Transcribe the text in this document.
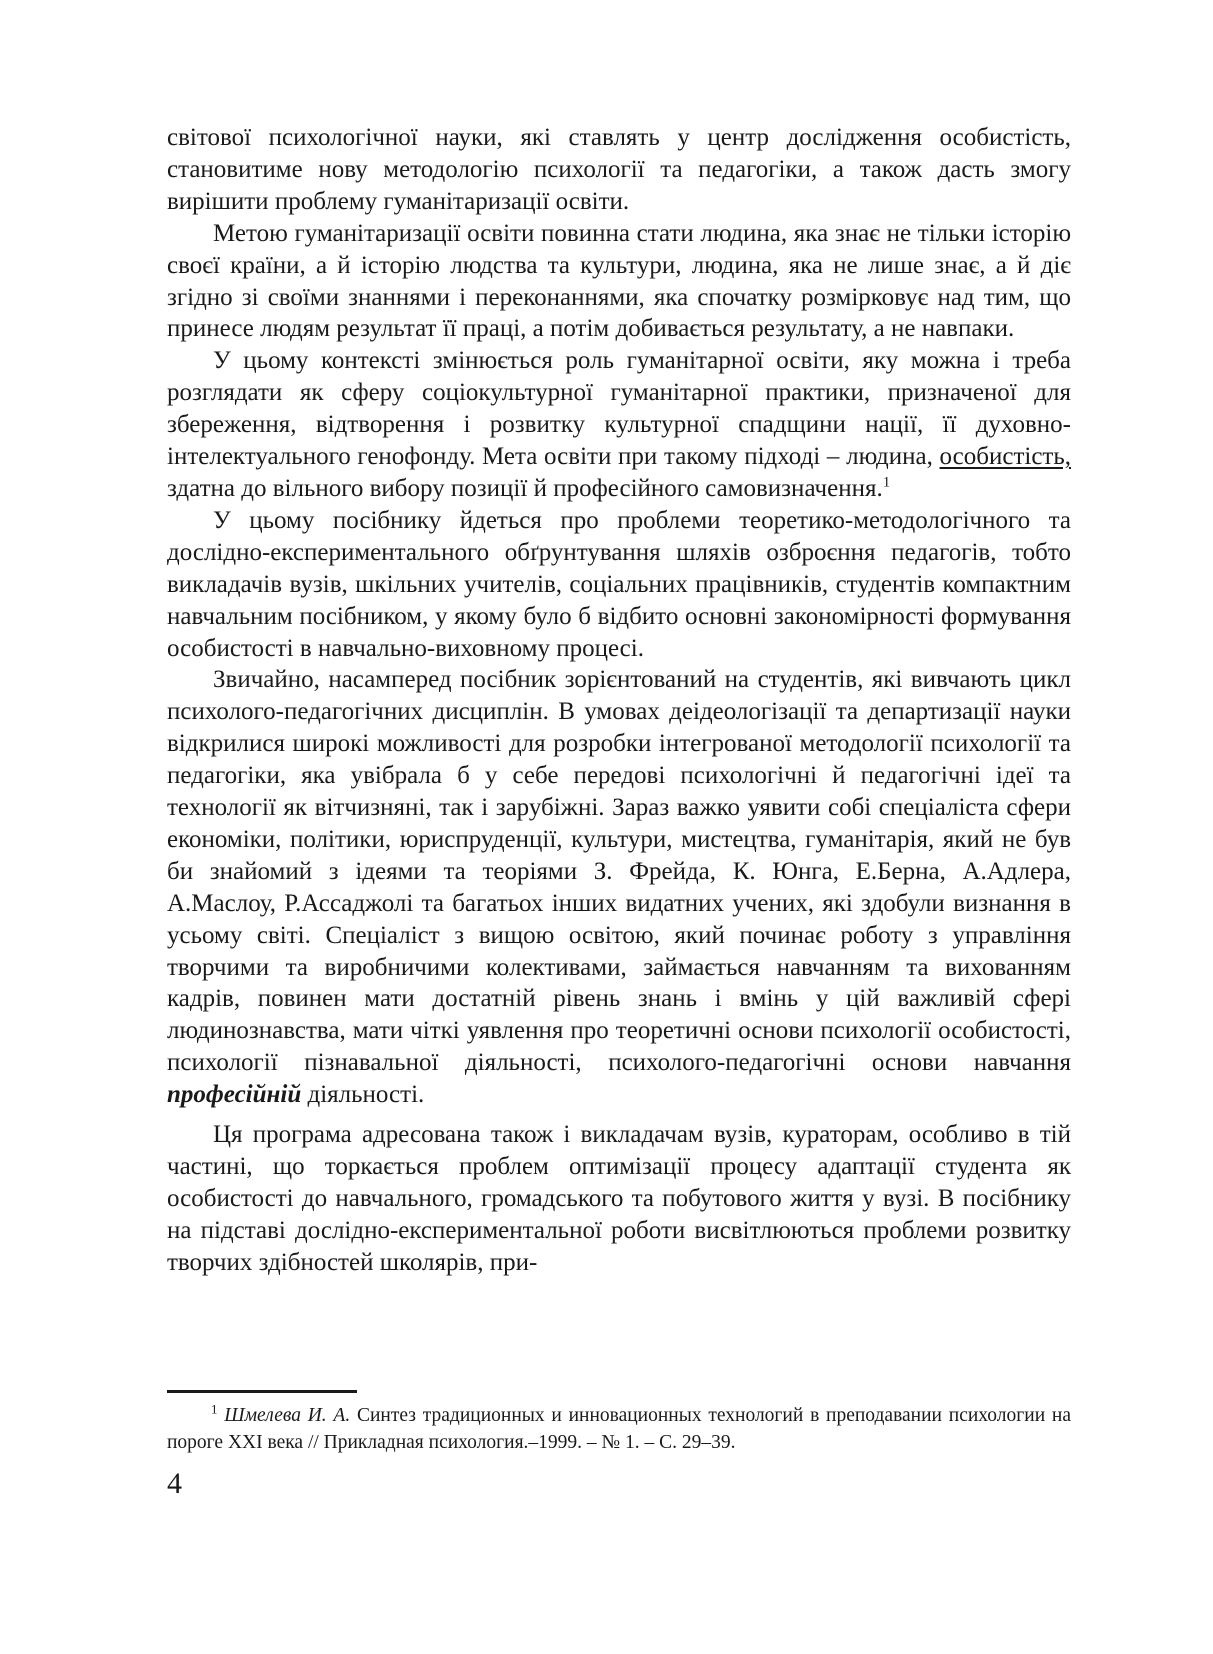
світової психологічної науки, які ставлять у центр дослідження особистість, становитиме нову методологію психології та педагогіки, а також дасть змогу вирішити проблему гуманітаризації освіти.

Метою гуманітаризації освіти повинна стати людина, яка знає не тільки історію своєї країни, а й історію людства та культури, людина, яка не лише знає, а й діє згідно зі своїми знаннями і переконаннями, яка спочатку розмірковує над тим, що принесе людям результат її праці, а потім добивається результату, а не навпаки.

У цьому контексті змінюється роль гуманітарної освіти, яку можна і треба розглядати як сферу соціокультурної гуманітарної практики, призначеної для збереження, відтворення і розвитку культурної спадщини нації, її духовно-інтелектуального генофонду. Мета освіти при такому підході – людина, особистість, здатна до вільного вибору позиції й професійного самовизначення.$^1$

У цьому посібнику йдеться про проблеми теоретико-методологічного та дослідно-експериментального обґрунтування шляхів озброєння педагогів, тобто викладачів вузів, шкільних учителів, соціальних працівників, студентів компактним навчальним посібником, у якому було б відбито основні закономірності формування особистості в навчально-виховному процесі.

Звичайно, насамперед посібник зорієнтований на студентів, які вивчають цикл психолого-педагогічних дисциплін. В умовах деідеологізації та департизації науки відкрилися широкі можливості для розробки інтегрованої методології психології та педагогіки, яка увібрала б у себе передові психологічні й педагогічні ідеї та технології як вітчизняні, так і зарубіжні. Зараз важко уявити собі спеціаліста сфери економіки, політики, юриспруденції, культури, мистецтва, гуманітарія, який не був би знайомий з ідеями та теоріями З. Фрейда, К. Юнга, Е.Берна, А.Адлера, А.Маслоу, Р.Ассаджолі та багатьох інших видатних учених, які здобули визнання в усьому світі. Спеціаліст з вищою освітою, який починає роботу з управління творчими та виробничими колективами, займається навчанням та вихованням кадрів, повинен мати достатній рівень знань і вмінь у цій важливій сфері людинознавства, мати чіткі уявлення про теоретичні основи психології особистості, психології пізнавальної діяльності, психолого-педагогічні основи навчання професійній діяльності.

Ця програма адресована також і викладачам вузів, кураторам, особливо в тій частині, що торкається проблем оптимізації процесу адаптації студента як особистості до навчального, громадського та побутового життя у вузі. В посібнику на підставі дослідно-експериментальної роботи висвітлюються проблеми розвитку творчих здібностей школярів, при-

$^1$ Шмелева И. А. Синтез традиционных и инновационных технологий в преподавании психологии на пороге XXI века // Прикладная психология.–1999. – № 1. – С. 29–39.

4
